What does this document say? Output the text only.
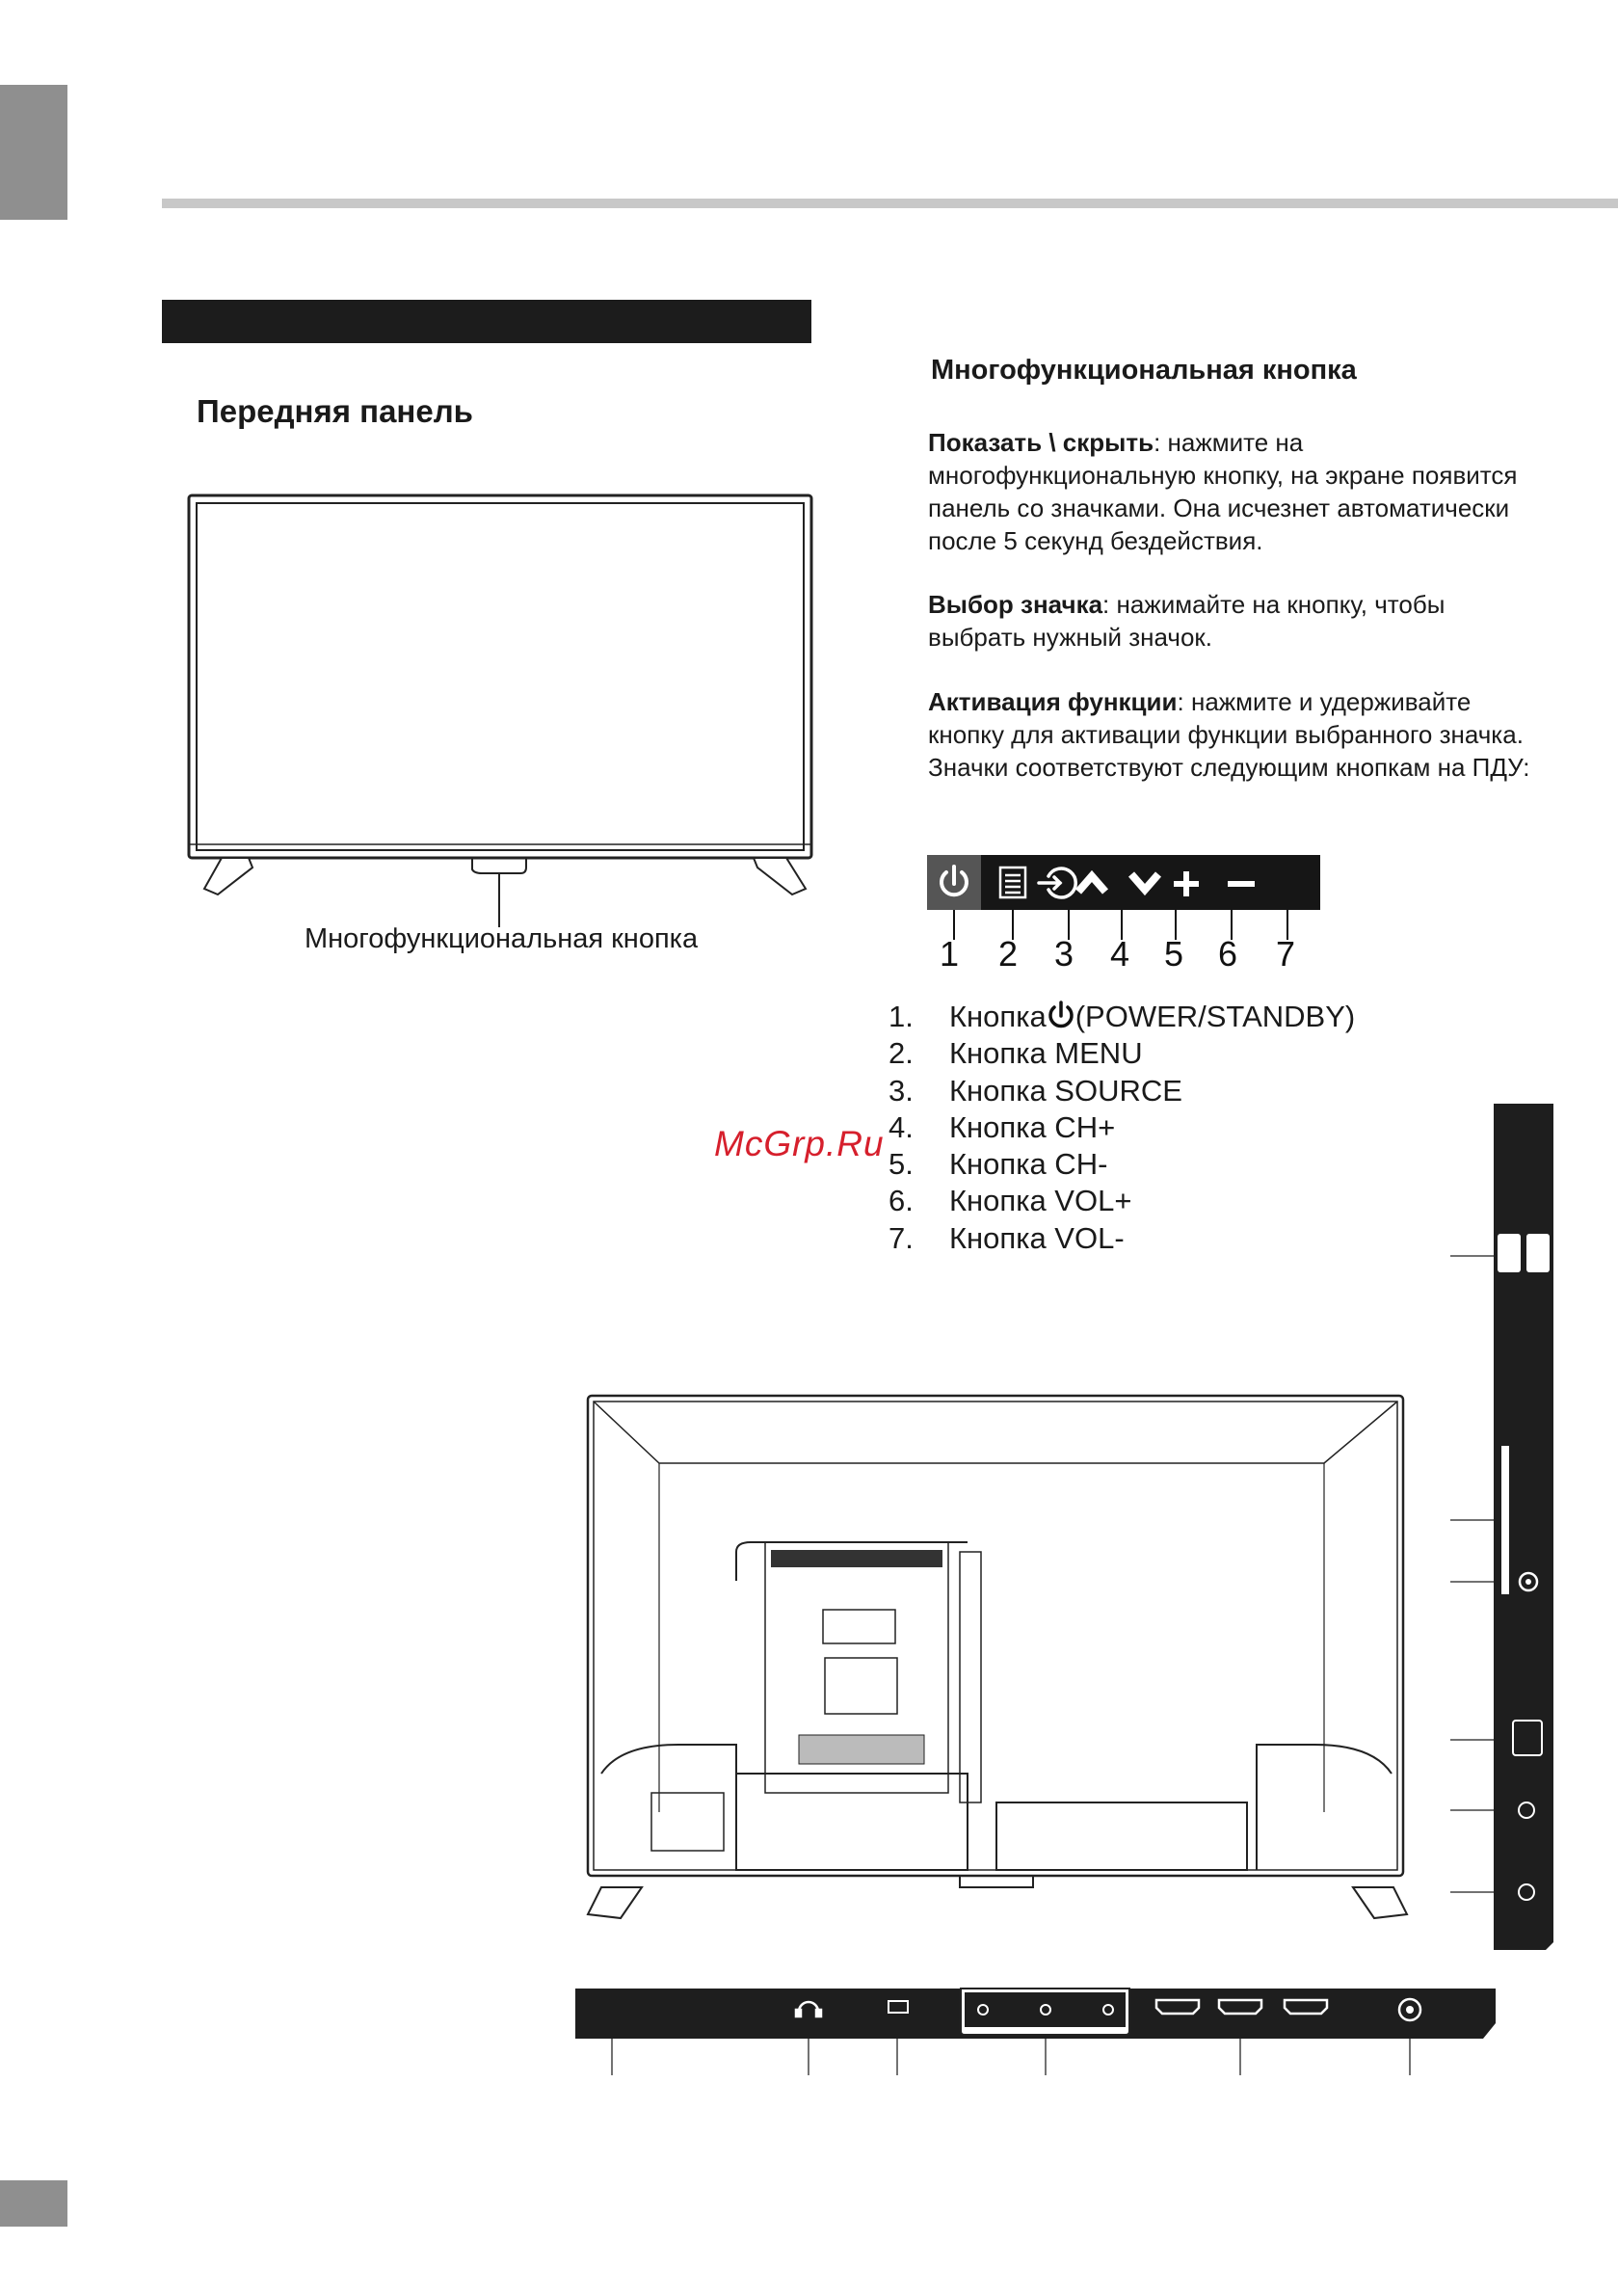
Передняя панель
Многофункциональная кнопка
Многофункциональная кнопка
Показать \ скрыть: нажмите на многофункциональную кнопку, на экране появится панель со значками. Она исчезнет автоматически после 5 секунд бездействия.
Выбор значка: нажимайте на кнопку, чтобы выбрать нужный значок.
Активация функции: нажмите и удерживайте кнопку для активации функции выбранного значка. Значки соответствуют следующим кнопкам на ПДУ:
1 2 3 4 5 6 7
1.	Кнопка (POWER/STANDBY)
2.	Кнопка MENU
3.	Кнопка SOURCE
4.	Кнопка CH+
5.	Кнопка CH-
6.	Кнопка VOL+
7.	Кнопка VOL-
McGrp.Ru
